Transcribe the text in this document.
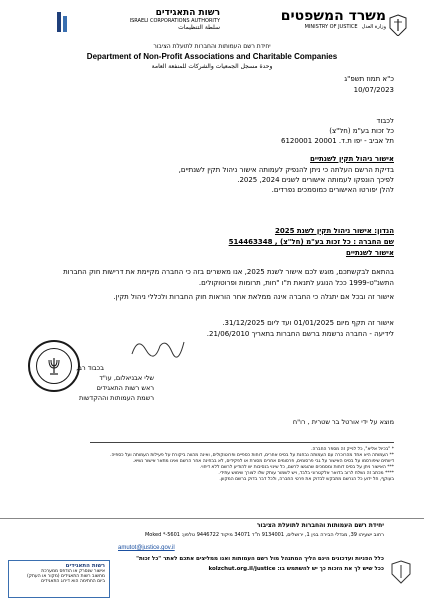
משרד המשפטים
MINISTRY OF JUSTICE وزارة العدل
רשות התאגידים
ISRAELI CORPORATIONS AUTHORITY
سلطة التنظيمات
יחידת רשם העמותות והחברות לתועלת הציבור
Department of Non-Profit Associations and Charitable Companies
وحدة مسجل الجمعيات والشركات للمنفعة العامة
כ"א תמוז תשפ"ג
10/07/2023
לכבוד
כל זכות בע"מ (חל"צ)
תל אביב - יפו ת.ד. 20001 6120001
אישור ניהול תקין לשנתיים
בדיקת הרשם העלתה כי ניתן להנפיק לעמותה אישור ניהול תקין לשנתיים,
לפיכך הונפקו לעמותה אישורים לשנים 2024, 2025.
להלן יפורטו האישורים כמוסמכים נפרדים.
הנדון: אישור ניהול תקין לשנת 2025
שם החברה : כל זכות בע"מ (חל"צ) , 514463348
אישור לשנתיים
בהתאם לבקשתכם, מוגש לכם אישור לשנת 2025, אנו מאשרים בזה כי החברה מקיימת את דרישות חוק החברות
התשנ"ט-1999 ככל הנוגע לתנאת ת"ו "חות, תרומות ופרוטוקולים.
אישור זה ובכל אם יתגלה כי החברה אינה ממלאת אחר הוראות חוק החברות ולכללי ניהול תקין.
אישור זה תקף מיום 01/01/2025 ועד ליום 31/12/2025.
לידיעה - החברה נרשמת ברשם החברות בתאריך 21/06/2010.
בכבוד רב,
שלי אבניאלום, עו"ד
ראש רשות התאגידים
רשמת העמותות וההקדשות
מוצא על ידי אורטל בר שטרית , רו"ח
* "בכיול אליא", כל לנייק זה מספר החברה.
** העמותה היא אחד מהרוכרה עם העמותה נבחנת על בסיס אחרים, דוחות כספיים ופרוטוקולים, ואינה מהווה ביקורת על פעילות העמותה ועל כספיה.
דיוותים שיפורסמו על בסיס האישור על גבי פרסומים, פרסומים אחרים מסורת או לפקידים, לא בבחינה אחר הרשם ואינו מתאר אישור נשיא.
*** האישור ניתן על בסיס דוחות ומסמכים שהוגשו לרשם, כל שינוי בנסיבות יש להודיע לרשם ללא דיחוי.
**** מכתב זה נשלח לרוב בדואר אלקטרוני בלבד, ויש לשמור עותק שלו לצורך שימוש עתידי.
בעוקף, חל ידוע כל הנרשם מתבקש לבדוק את פרטי החברה, ולכל דבר בדוק ברשם המקוון.
יחידת רשם העמותות והחברות לתועלת הציבור
רחוב ישעיהו 39, מגדלי הבירה בנין 1, ירושלים, 9134001 ת"ד 34071 מיקוד 9446722 טלפון: 5601-* Moked
amutot@justice.gov.il
כלל הפניות ועדכונים הינם הליך המתנהל מול רשם העמותות ואנו ממליצים אתכם לאתר "כל זכות"
ככל שיש לך את הזכות כך יש להשתמש בו: kolzchut.org.il/justice
רשות התאגידים
אישור שנסרק או הודפס ממערכת
מחשוב רשות התאגידים (מקור או העתק)
ביום החתימה הוא דירוג התאגידים
